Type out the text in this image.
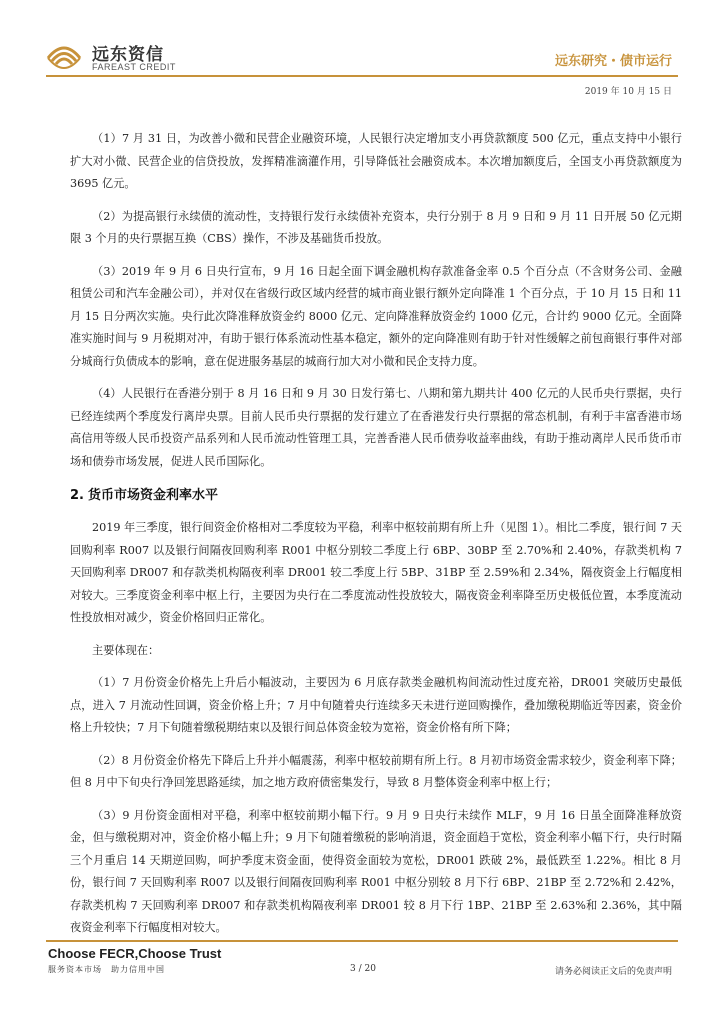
远东资信
FAREAST CREDIT	远东研究・债市运行
2019 年 10 月 15 日

（1）7 月 31 日，为改善小微和民营企业融资环境，人民银行决定增加支小再贷款额度 500 亿元，重点支持中小银行扩大对小微、民营企业的信贷投放，发挥精准滴灌作用，引导降低社会融资成本。本次增加额度后，全国支小再贷款额度为 3695 亿元。

（2）为提高银行永续债的流动性，支持银行发行永续债补充资本，央行分别于 8 月 9 日和 9 月 11 日开展 50 亿元期限 3 个月的央行票据互换（CBS）操作，不涉及基础货币投放。

（3）2019 年 9 月 6 日央行宣布，9 月 16 日起全面下调金融机构存款准备金率 0.5 个百分点（不含财务公司、金融租赁公司和汽车金融公司），并对仅在省级行政区域内经营的城市商业银行额外定向降准 1 个百分点，于 10 月 15 日和 11 月 15 日分两次实施。央行此次降准释放资金约 8000 亿元、定向降准释放资金约 1000 亿元，合计约 9000 亿元。全面降准实施时间与 9 月税期对冲，有助于银行体系流动性基本稳定，额外的定向降准则有助于针对性缓解之前包商银行事件对部分城商行负债成本的影响，意在促进服务基层的城商行加大对小微和民企支持力度。

（4）人民银行在香港分别于 8 月 16 日和 9 月 30 日发行第七、八期和第九期共计 400 亿元的人民币央行票据，央行已经连续两个季度发行离岸央票。目前人民币央行票据的发行建立了在香港发行央行票据的常态机制，有利于丰富香港市场高信用等级人民币投资产品系列和人民币流动性管理工具，完善香港人民币债券收益率曲线，有助于推动离岸人民币货币市场和债券市场发展，促进人民币国际化。

2. 货币市场资金利率水平

2019 年三季度，银行间资金价格相对二季度较为平稳，利率中枢较前期有所上升（见图 1）。相比二季度，银行间 7 天回购利率 R007 以及银行间隔夜回购利率 R001 中枢分别较二季度上行 6BP、30BP 至 2.70%和 2.40%，存款类机构 7 天回购利率 DR007 和存款类机构隔夜利率 DR001 较二季度上行 5BP、31BP 至 2.59%和 2.34%，隔夜资金上行幅度相对较大。三季度资金利率中枢上行，主要因为央行在二季度流动性投放较大，隔夜资金利率降至历史极低位置，本季度流动性投放相对减少，资金价格回归正常化。

主要体现在：

（1）7 月份资金价格先上升后小幅波动，主要因为 6 月底存款类金融机构间流动性过度充裕，DR001 突破历史最低点，进入 7 月流动性回调，资金价格上升；7 月中旬随着央行连续多天未进行逆回购操作，叠加缴税期临近等因素，资金价格上升较快；7 月下旬随着缴税期结束以及银行间总体资金较为宽裕，资金价格有所下降；

（2）8 月份资金价格先下降后上升并小幅震荡，利率中枢较前期有所上行。8 月初市场资金需求较少，资金利率下降；但 8 月中下旬央行净回笼思路延续，加之地方政府债密集发行，导致 8 月整体资金利率中枢上行；

（3）9 月份资金面相对平稳，利率中枢较前期小幅下行。9 月 9 日央行未续作 MLF，9 月 16 日虽全面降准释放资金，但与缴税期对冲，资金价格小幅上升；9 月下旬随着缴税的影响消退，资金面趋于宽松，资金利率小幅下行，央行时隔三个月重启 14 天期逆回购，呵护季度末资金面，使得资金面较为宽松，DR001 跌破 2%，最低跌至 1.22%。相比 8 月份，银行间 7 天回购利率 R007 以及银行间隔夜回购利率 R001 中枢分别较 8 月下行 6BP、21BP 至 2.72%和 2.42%，存款类机构 7 天回购利率 DR007 和存款类机构隔夜利率 DR001 较 8 月下行 1BP、21BP 至 2.63%和 2.36%，其中隔夜资金利率下行幅度相对较大。

Choose FECR,Choose Trust
服务资本市场　助力信用中国	3 / 20	请务必阅读正文后的免责声明
